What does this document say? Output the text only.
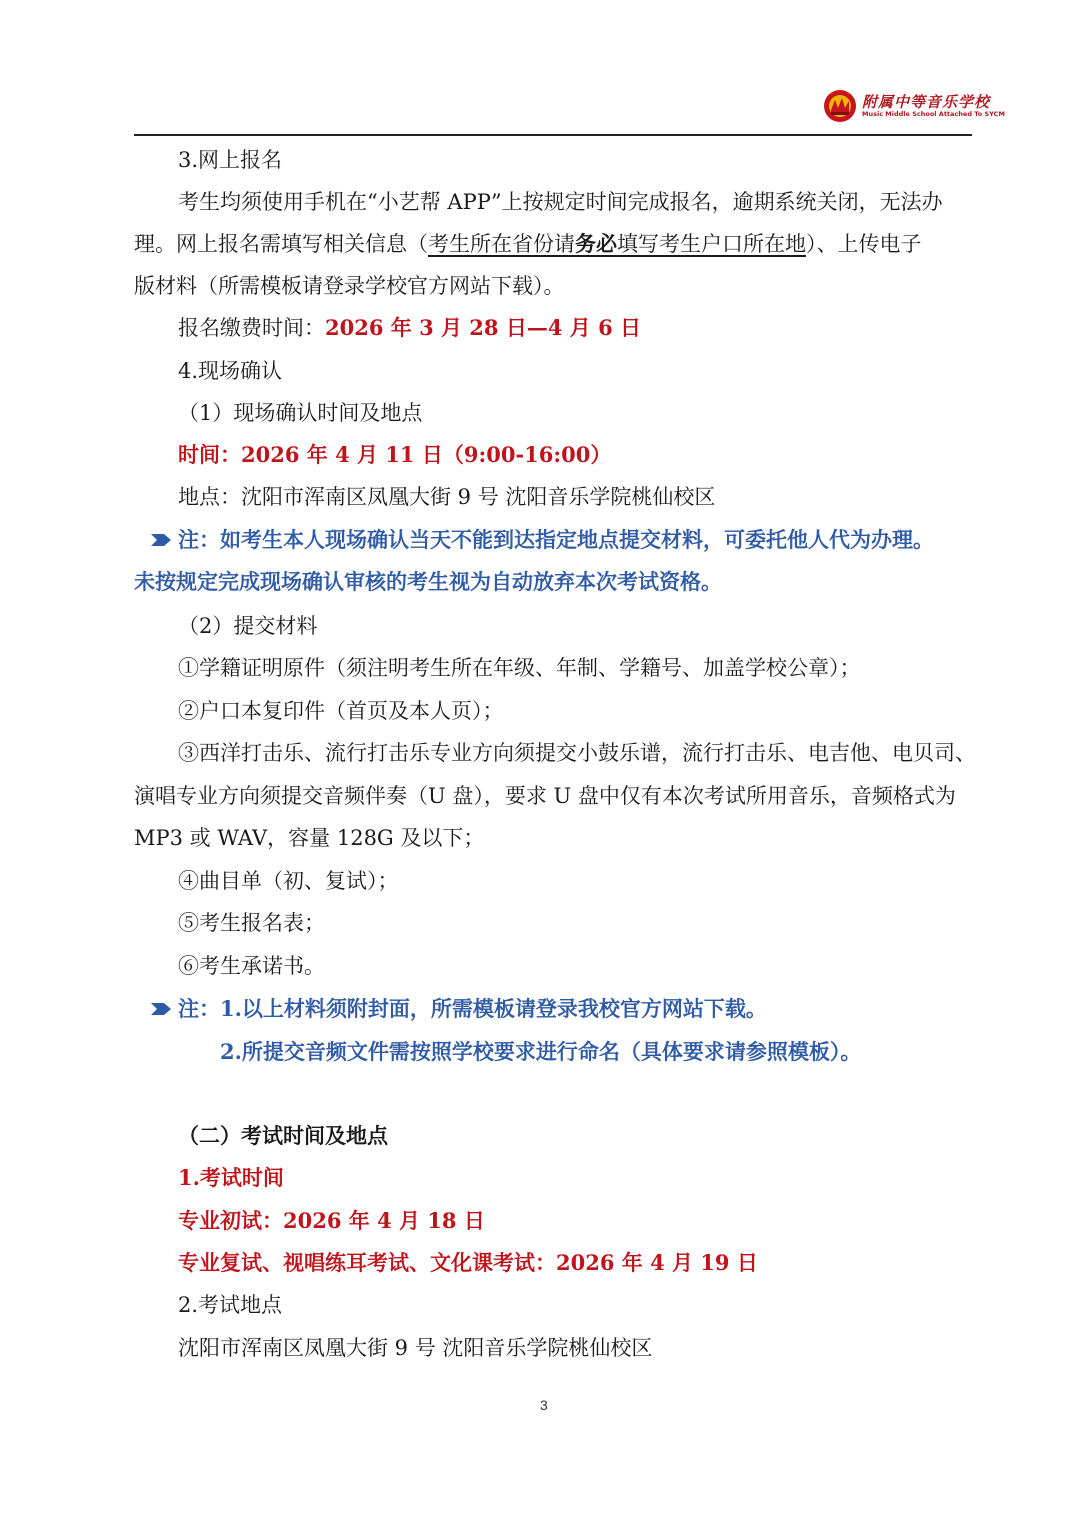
附属中等音乐学校
Music Middle School Attached To SYCM
3.网上报名
考生均须使用手机在“小艺帮 APP”上按规定时间完成报名，逾期系统关闭，无法办
理。网上报名需填写相关信息（考生所在省份请务必填写考生户口所在地）、上传电子
版材料（所需模板请登录学校官方网站下载）。
报名缴费时间：2026 年 3 月 28 日—4 月 6 日
4.现场确认
（1）现场确认时间及地点
时间：2026 年 4 月 11 日（9:00-16:00）
地点：沈阳市浑南区凤凰大街 9 号 沈阳音乐学院桃仙校区
注：如考生本人现场确认当天不能到达指定地点提交材料，可委托他人代为办理。
未按规定完成现场确认审核的考生视为自动放弃本次考试资格。
（2）提交材料
①学籍证明原件（须注明考生所在年级、年制、学籍号、加盖学校公章）；
②户口本复印件（首页及本人页）；
③西洋打击乐、流行打击乐专业方向须提交小鼓乐谱，流行打击乐、电吉他、电贝司、
演唱专业方向须提交音频伴奏（U 盘），要求 U 盘中仅有本次考试所用音乐，音频格式为
MP3 或 WAV，容量 128G 及以下；
④曲目单（初、复试）；
⑤考生报名表；
⑥考生承诺书。
注：1.以上材料须附封面，所需模板请登录我校官方网站下载。
2.所提交音频文件需按照学校要求进行命名（具体要求请参照模板）。
（二）考试时间及地点
1.考试时间
专业初试：2026 年 4 月 18 日
专业复试、视唱练耳考试、文化课考试：2026 年 4 月 19 日
2.考试地点
沈阳市浑南区凤凰大街 9 号 沈阳音乐学院桃仙校区
3
